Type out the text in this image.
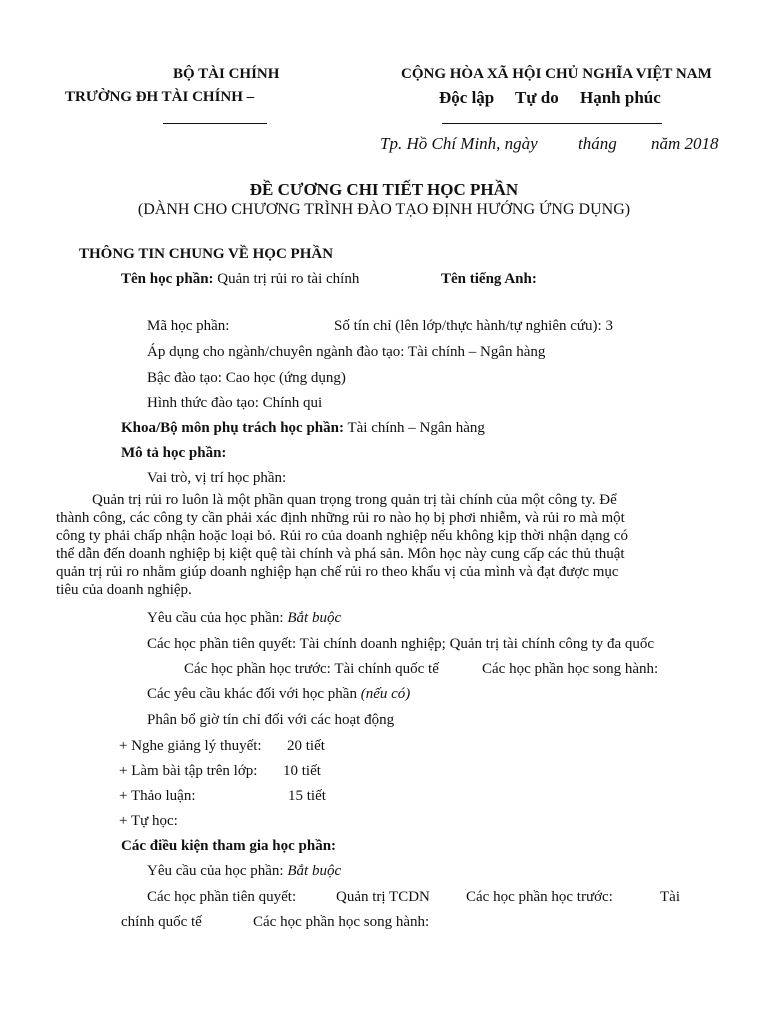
BỘ TÀI CHÍNH
TRƯỜNG ĐH TÀI CHÍNH –
CỘNG HÒA XÃ HỘI CHỦ NGHĨA VIỆT NAM
Độc lập Tự do Hạnh phúc
Tp. Hồ Chí Minh, ngày tháng năm 2018
ĐỀ CƯƠNG CHI TIẾT HỌC PHẦN
(DÀNH CHO CHƯƠNG TRÌNH ĐÀO TẠO ĐỊNH HƯỚNG ỨNG DỤNG)
THÔNG TIN CHUNG VỀ HỌC PHẦN
Tên học phần: Quản trị rủi ro tài chính	Tên tiếng Anh:
Mã học phần:	Số tín chỉ (lên lớp/thực hành/tự nghiên cứu): 3
Áp dụng cho ngành/chuyên ngành đào tạo: Tài chính – Ngân hàng
Bậc đào tạo: Cao học (ứng dụng)
Hình thức đào tạo: Chính qui
Khoa/Bộ môn phụ trách học phần: Tài chính – Ngân hàng
Mô tả học phần:
Vai trò, vị trí học phần:
Quản trị rủi ro luôn là một phần quan trọng trong quản trị tài chính của một công ty. Để
thành công, các công ty cần phải xác định những rủi ro nào họ bị phơi nhiễm, và rủi ro mà một
công ty phải chấp nhận hoặc loại bỏ. Rủi ro của doanh nghiệp nếu không kịp thời nhận dạng có
thể dẫn đến doanh nghiệp bị kiệt quệ tài chính và phá sản. Môn học này cung cấp các thủ thuật
quản trị rủi ro nhằm giúp doanh nghiệp hạn chế rủi ro theo khẩu vị của mình và đạt được mục
tiêu của doanh nghiệp.
Yêu cầu của học phần: Bắt buộc
Các học phần tiên quyết: Tài chính doanh nghiệp; Quản trị tài chính công ty đa quốc
Các học phần học trước: Tài chính quốc tế	Các học phần học song hành:
Các yêu cầu khác đối với học phần (nếu có)
Phân bổ giờ tín chỉ đối với các hoạt động
+ Nghe giảng lý thuyết: 20 tiết
+ Làm bài tập trên lớp: 10 tiết
+ Thảo luận:	15 tiết
+ Tự học:
Các điều kiện tham gia học phần:
Yêu cầu của học phần: Bắt buộc
Các học phần tiên quyết:	Quản trị TCDN Các học phần học trước:	Tài
chính quốc tế	Các học phần học song hành:
